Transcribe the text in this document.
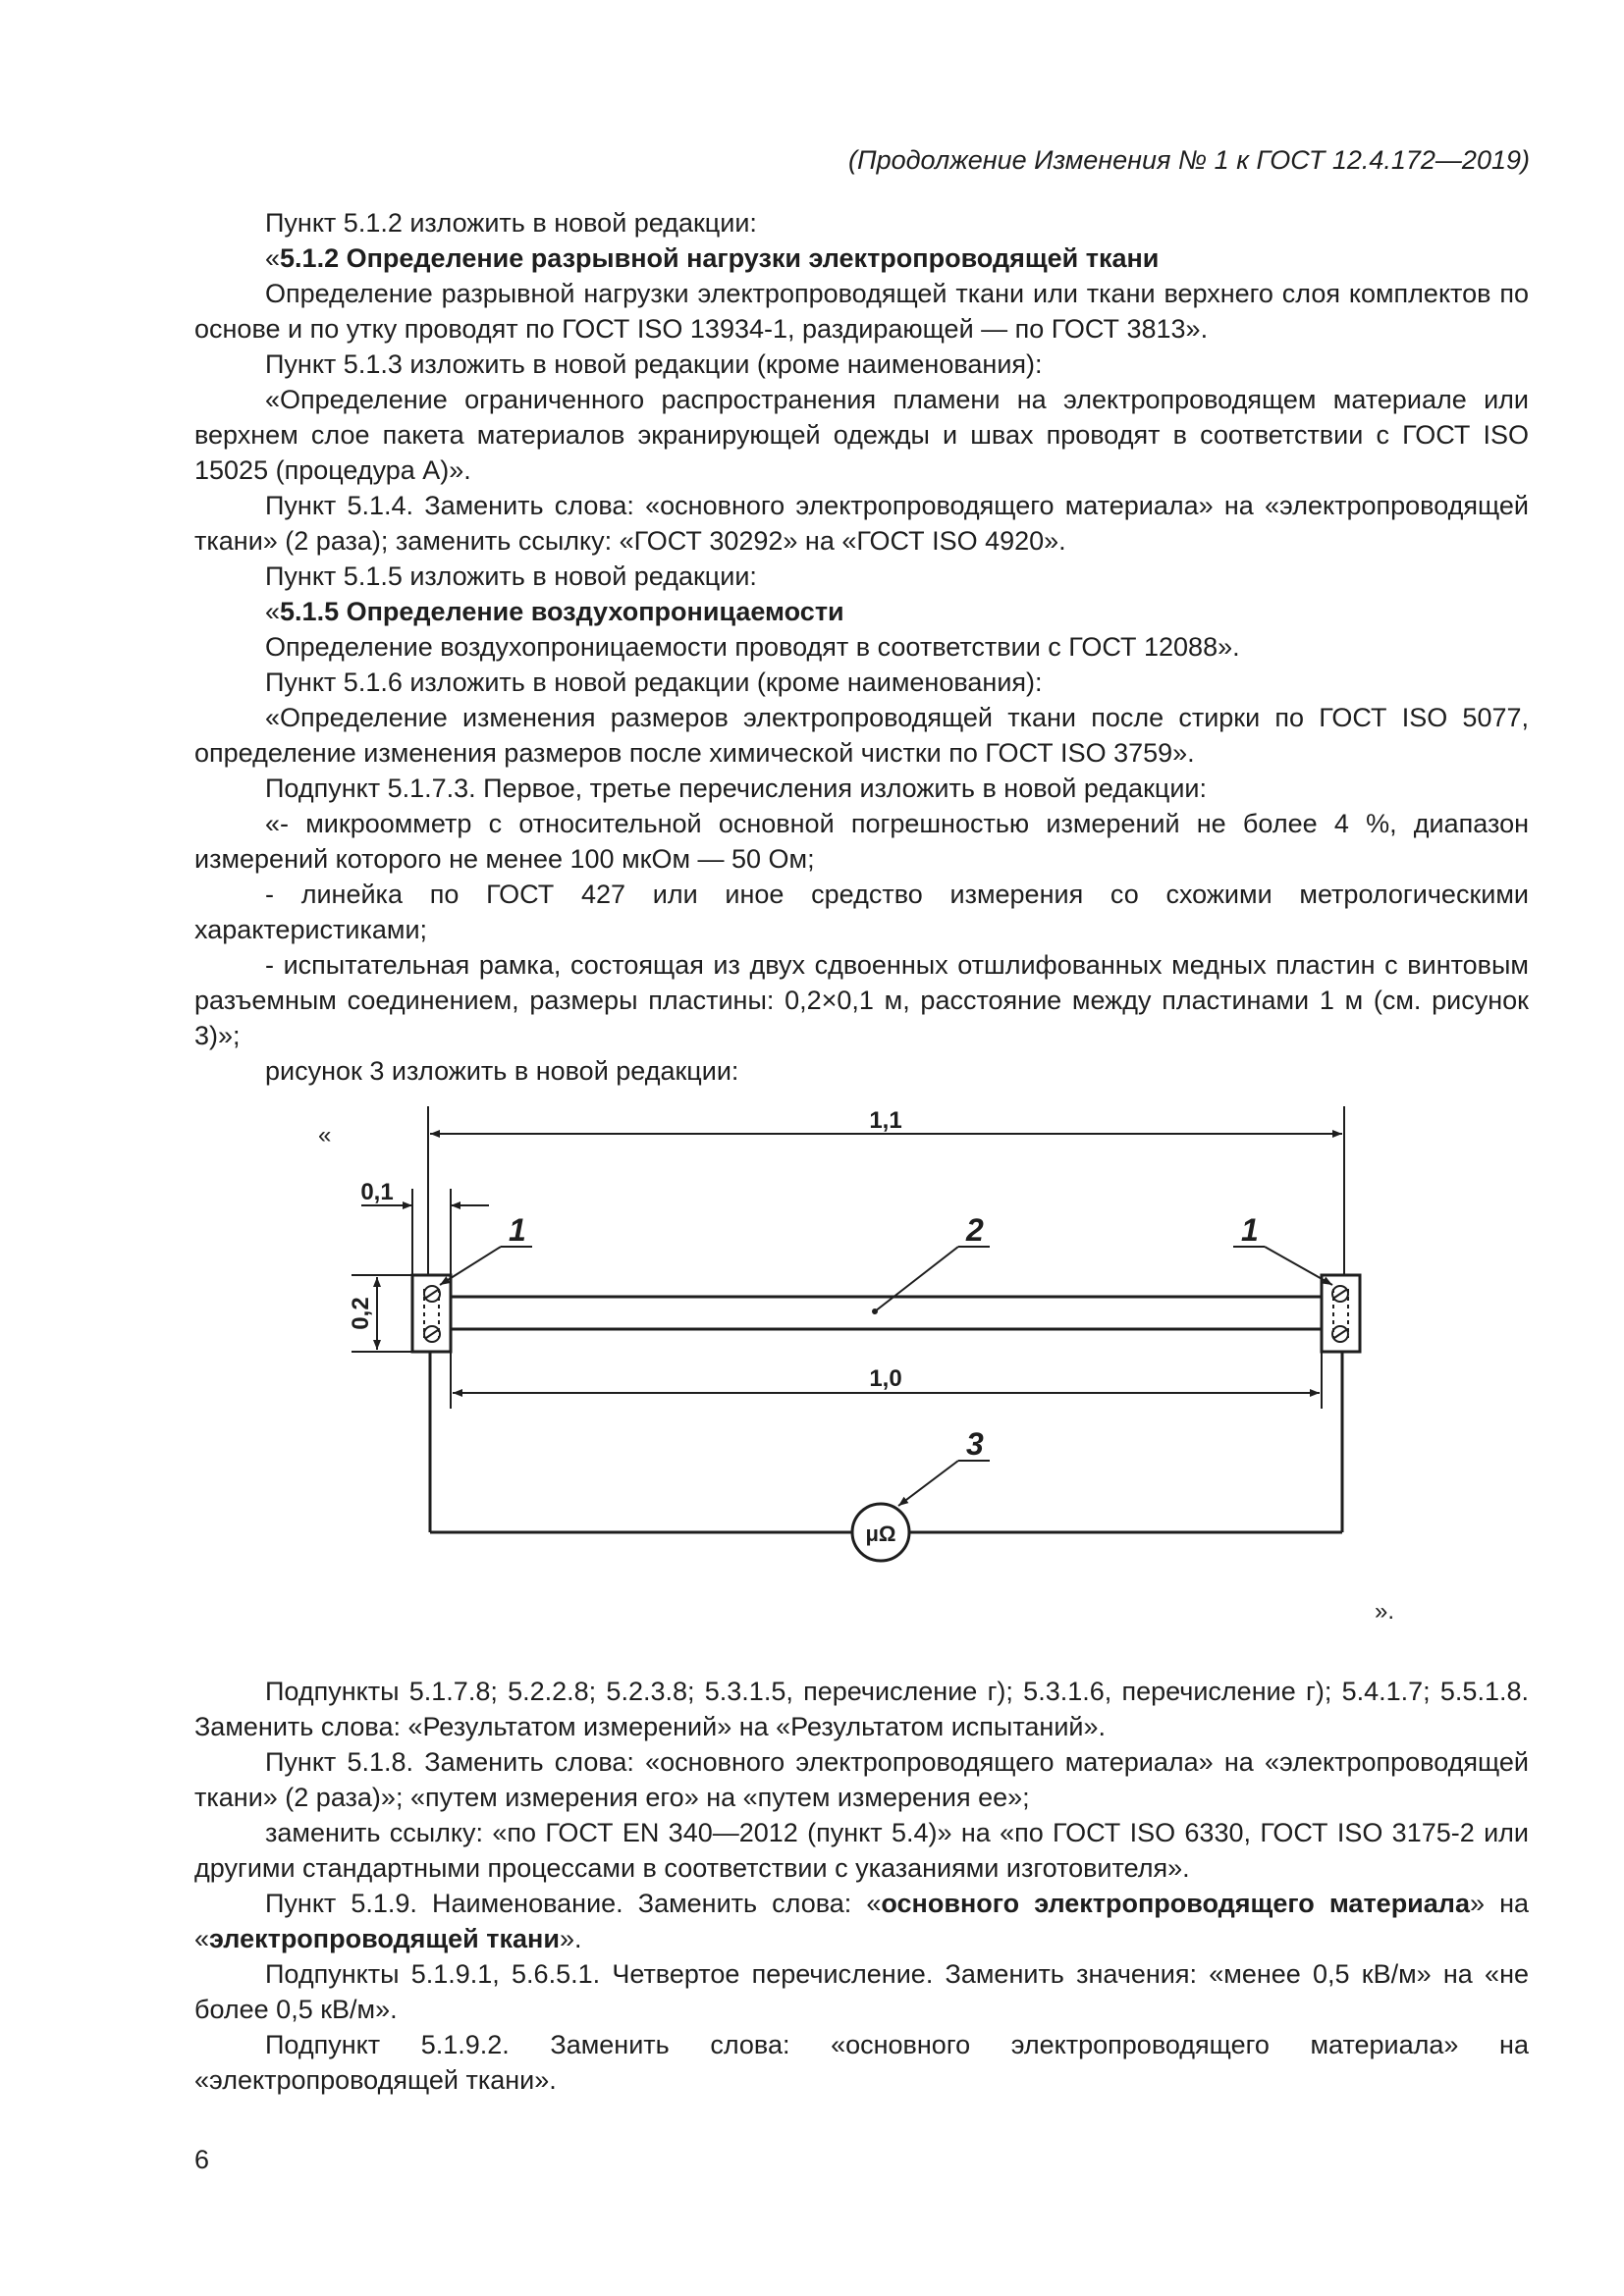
(Продолжение Изменения № 1 к ГОСТ 12.4.172—2019)

Пункт 5.1.2 изложить в новой редакции:

«5.1.2 Определение разрывной нагрузки электропроводящей ткани

Определение разрывной нагрузки электропроводящей ткани или ткани верхнего слоя комплектов по основе и по утку проводят по ГОСТ ISO 13934-1, раздирающей — по ГОСТ 3813».

Пункт 5.1.3 изложить в новой редакции (кроме наименования):

«Определение ограниченного распространения пламени на электропроводящем материале или верхнем слое пакета материалов экранирующей одежды и швах проводят в соответствии с ГОСТ ISO 15025 (процедура А)».

Пункт 5.1.4. Заменить слова: «основного электропроводящего материала» на «электропроводящей ткани» (2 раза); заменить ссылку: «ГОСТ 30292» на «ГОСТ ISO 4920».

Пункт 5.1.5 изложить в новой редакции:

«5.1.5 Определение воздухопроницаемости

Определение воздухопроницаемости проводят в соответствии с ГОСТ 12088».

Пункт 5.1.6 изложить в новой редакции (кроме наименования):

«Определение изменения размеров электропроводящей ткани после стирки по ГОСТ ISO 5077, определение изменения размеров после химической чистки по ГОСТ ISO 3759».

Подпункт 5.1.7.3. Первое, третье перечисления изложить в новой редакции:

«- микроомметр с относительной основной погрешностью измерений не более 4 %, диапазон измерений которого не менее 100 мкОм — 50 Ом;

- линейка по ГОСТ 427 или иное средство измерения со схожими метрологическими характеристиками;

- испытательная рамка, состоящая из двух сдвоенных отшлифованных медных пластин с винтовым разъемным соединением, размеры пластины: 0,2×0,1 м, расстояние между пластинами 1 м (см. рисунок 3)»;

рисунок 3 изложить в новой редакции:

«
1,1
0,1
0,2
1,0
μΩ
1	2	1
3
».

Подпункты 5.1.7.8; 5.2.2.8; 5.2.3.8; 5.3.1.5, перечисление г); 5.3.1.6, перечисление г); 5.4.1.7; 5.5.1.8. Заменить слова: «Результатом измерений» на «Результатом испытаний».

Пункт 5.1.8. Заменить слова: «основного электропроводящего материала» на «электропроводящей ткани» (2 раза)»; «путем измерения его» на «путем измерения ее»;

заменить ссылку: «по ГОСТ EN 340—2012 (пункт 5.4)» на «по ГОСТ ISO 6330, ГОСТ ISO 3175-2 или другими стандартными процессами в соответствии с указаниями изготовителя».

Пункт 5.1.9. Наименование. Заменить слова: «основного электропроводящего материала» на «электропроводящей ткани».

Подпункты 5.1.9.1, 5.6.5.1. Четвертое перечисление. Заменить значения: «менее 0,5 кВ/м» на «не более 0,5 кВ/м».

Подпункт 5.1.9.2. Заменить слова: «основного электропроводящего материала» на «электропроводящей ткани».

6
